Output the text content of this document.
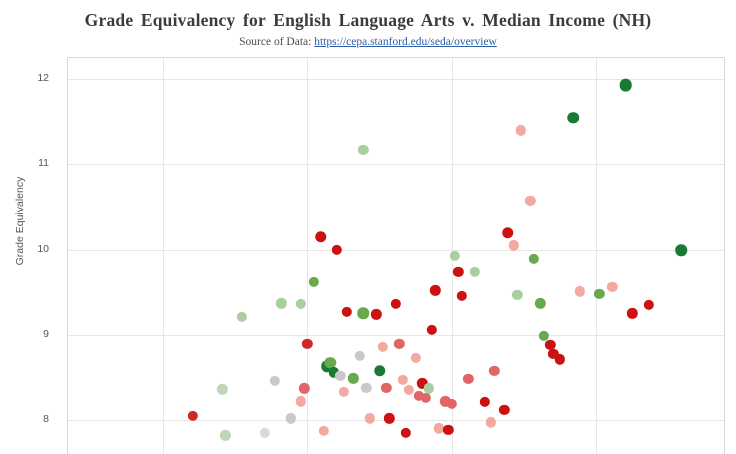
Grade Equivalency for English Language Arts v. Median Income (NH)
Source of Data: https://cepa.stanford.edu/seda/overview
8
9
10
11
12
Grade Equivalency
